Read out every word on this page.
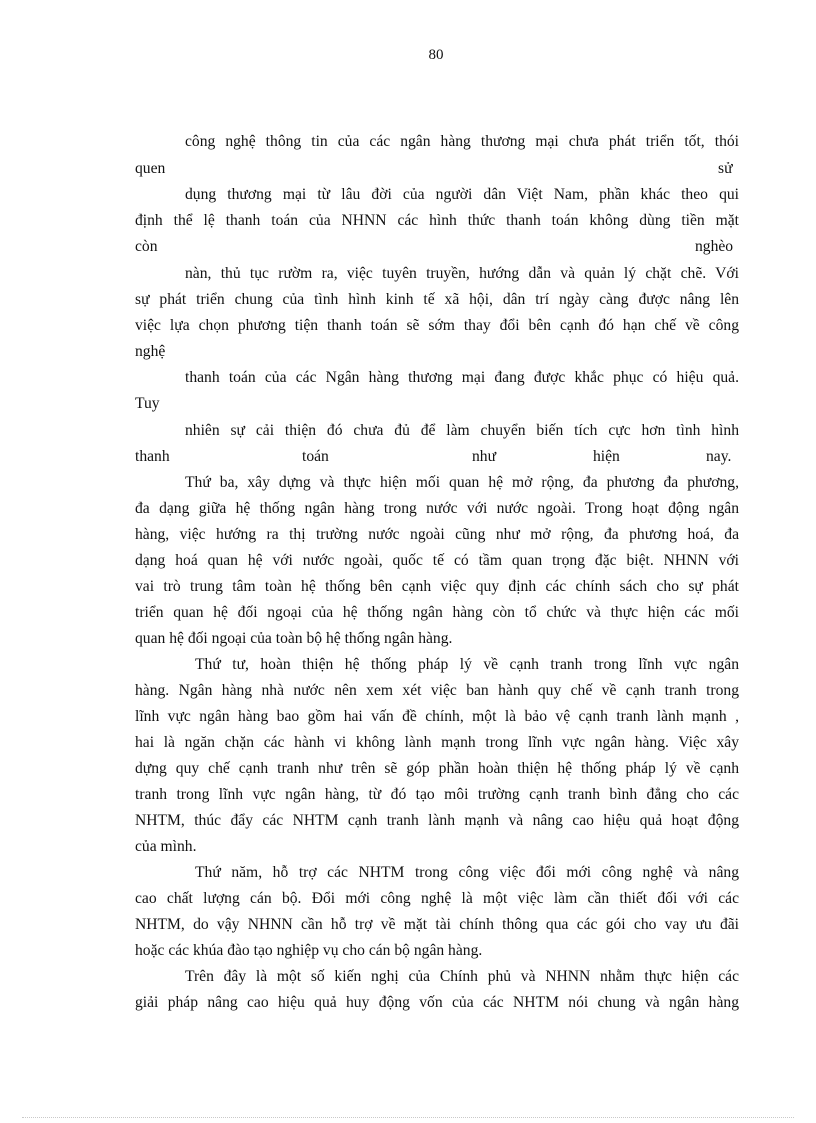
80
công nghệ thông tin của các ngân hàng thương mại chưa phát triển tốt, thói
quen	sử
dụng thương mại từ lâu đời của người dân Việt Nam, phần khác theo qui
định thể lệ thanh toán của NHNN các hình thức thanh toán không dùng tiền mặt
còn	nghèo
nàn, thủ tục rườm ra, việc tuyên truyền, hướng dẫn và quản lý chặt chẽ. Với
sự phát triển chung của tình hình kinh tế xã hội, dân trí ngày càng được nâng lên
việc lựa chọn phương tiện thanh toán sẽ sớm thay đổi bên cạnh đó hạn chế về công
nghệ
thanh toán của các Ngân hàng thương mại đang được khắc phục có hiệu quả.
Tuy
nhiên sự cải thiện đó chưa đủ để làm chuyển biến tích cực hơn tình hình
thanh	toán	như	hiện	nay.
Thứ ba, xây dựng và thực hiện mối quan hệ mở rộng, đa phương đa phương,
đa dạng giữa hệ thống ngân hàng trong nước với nước ngoài. Trong hoạt động ngân
hàng, việc hướng ra thị trường nước ngoài cũng như mở rộng, đa phương hoá, đa
dạng hoá quan hệ với nước ngoài, quốc tế có tầm quan trọng đặc biệt. NHNN với
vai trò trung tâm toàn hệ thống bên cạnh việc quy định các chính sách cho sự phát
triển quan hệ đối ngoại của hệ thống ngân hàng còn tổ chức và thực hiện các mối
quan hệ đối ngoại của toàn bộ hệ thống ngân hàng.
Thứ tư, hoàn thiện hệ thống pháp lý về cạnh tranh trong lĩnh vực ngân
hàng. Ngân hàng nhà nước nên xem xét việc ban hành quy chế về cạnh tranh trong
lĩnh vực ngân hàng bao gồm hai vấn đề chính, một là bảo vệ cạnh tranh lành mạnh ,
hai là ngăn chặn các hành vi không lành mạnh trong lĩnh vực ngân hàng. Việc xây
dựng quy chế cạnh tranh như trên sẽ góp phần hoàn thiện hệ thống pháp lý về cạnh
tranh trong lĩnh vực ngân hàng, từ đó tạo môi trường cạnh tranh bình đẳng cho các
NHTM, thúc đẩy các NHTM cạnh tranh lành mạnh và nâng cao hiệu quả hoạt động
của mình.
Thứ năm, hỗ trợ các NHTM trong công việc đổi mới công nghệ và nâng
cao chất lượng cán bộ. Đổi mới công nghệ là một việc làm cần thiết đối với các
NHTM, do vậy NHNN cần hỗ trợ về mặt tài chính thông qua các gói cho vay ưu đãi
hoặc các khúa đào tạo nghiệp vụ cho cán bộ ngân hàng.
Trên đây là một số kiến nghị của Chính phủ và NHNN nhằm thực hiện các
giải pháp nâng cao hiệu quả huy động vốn của các NHTM nói chung và ngân hàng
